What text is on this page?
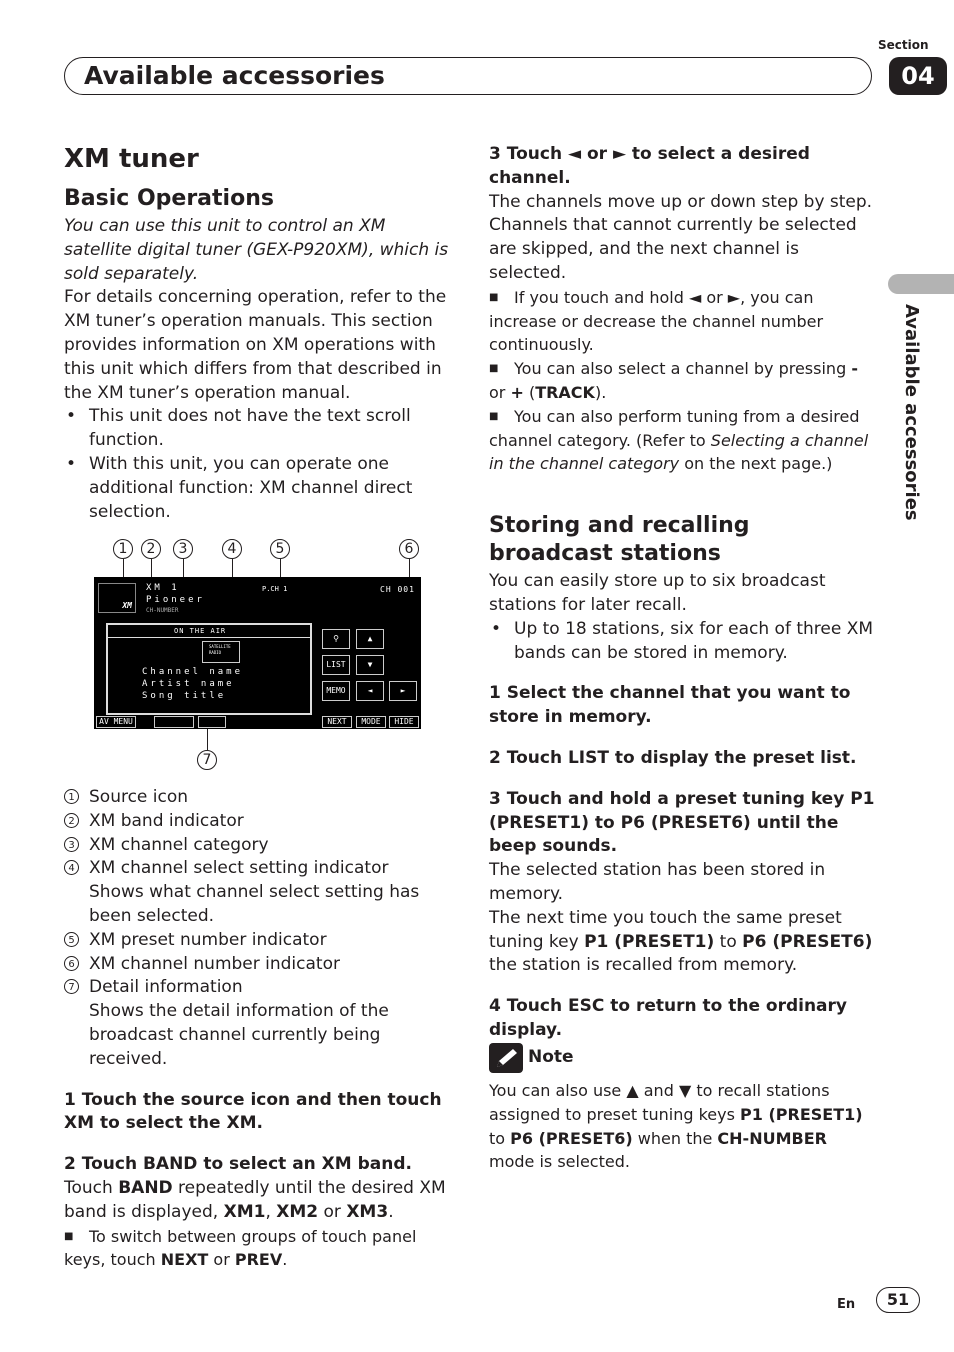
Section
Available accessories	04
Available accessories
XM tuner
Basic Operations

You can use this unit to control an XM satellite digital tuner (GEX-P920XM), which is sold separately.

For details concerning operation, refer to the XM tuner’s operation manuals. This section provides information on XM operations with this unit which differs from that described in the XM tuner’s operation manual.

• This unit does not have the text scroll function.

• With this unit, you can operate one additional function: XM channel direct selection.

1	2	3	4	5	6
7
XM
XM 1
Pioneer
CH-NUMBER
P.CH 1	CH 001
ON THE AIR
SATELLITE RADIO
Channel name
Artist name
Song title
⚲	▲
LIST	▼
MEMO	◄	►
AV MENU	NEXT	MODE	HIDE

1 Source icon

2 XM band indicator

3 XM channel category

4 XM channel select setting indicator

Shows what channel select setting has been selected.

5 XM preset number indicator

6 XM channel number indicator

7 Detail information

Shows the detail information of the broadcast channel currently being received.

1 Touch the source icon and then touch XM to select the XM.

2 Touch BAND to select an XM band.

Touch BAND repeatedly until the desired XM band is displayed, XM1, XM2 or XM3.

■ To switch between groups of touch panel keys, touch NEXT or PREV.

3 Touch ◄ or ► to select a desired channel.

The channels move up or down step by step. Channels that cannot currently be selected are skipped, and the next channel is selected.

■ If you touch and hold ◄ or ►, you can increase or decrease the channel number continuously.

■ You can also select a channel by pressing - or + (TRACK).

■ You can also perform tuning from a desired channel category. (Refer to Selecting a channel in the channel category on the next page.)

Storing and recalling broadcast stations

You can easily store up to six broadcast stations for later recall.

• Up to 18 stations, six for each of three XM bands can be stored in memory.

1 Select the channel that you want to store in memory.

2 Touch LIST to display the preset list.

3 Touch and hold a preset tuning key P1 (PRESET1) to P6 (PRESET6) until the beep sounds.

The selected station has been stored in memory.

The next time you touch the same preset tuning key P1 (PRESET1) to P6 (PRESET6) the station is recalled from memory.

4 Touch ESC to return to the ordinary display.

Note

You can also use ▲ and ▼ to recall stations assigned to preset tuning keys P1 (PRESET1) to P6 (PRESET6) when the CH-NUMBER mode is selected.

En	51
